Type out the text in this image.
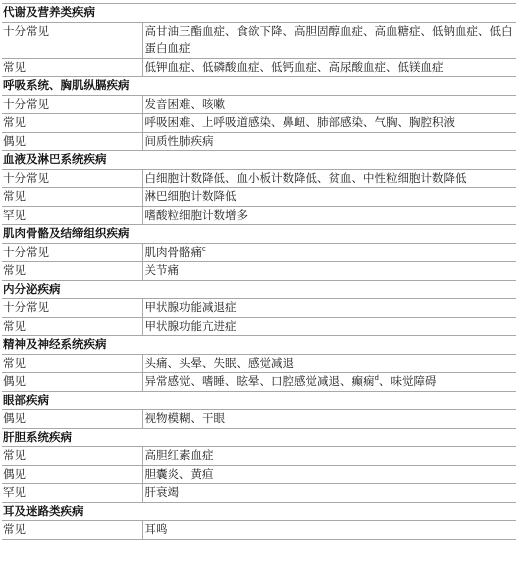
代谢及营养类疾病	
十分常见	高甘油三酯血症、食欲下降、高胆固醇血症、高血糖症、低钠血症、低白蛋白血症
常见	低钾血症、低磷酸血症、低钙血症、高尿酸血症、低镁血症
呼吸系统、胸肌纵膈疾病	
十分常见	发音困难、咳嗽
常见	呼吸困难、上呼吸道感染、鼻衄、肺部感染、气胸、胸腔积液
偶见	间质性肺疾病
血液及淋巴系统疾病	
十分常见	白细胞计数降低、血小板计数降低、贫血、中性粒细胞计数降低
常见	淋巴细胞计数降低
罕见	嗜酸粒细胞计数增多
肌肉骨骼及结缔组织疾病	
十分常见	肌肉骨骼痛$^c$
常见	关节痛
内分泌疾病	
十分常见	甲状腺功能减退症
常见	甲状腺功能亢进症
精神及神经系统疾病	
常见	头痛、头晕、失眠、感觉减退
偶见	异常感觉、嗜睡、眩晕、口腔感觉减退、癫痫$^d$、味觉障碍
眼部疾病	
偶见	视物模糊、干眼
肝胆系统疾病	
常见	高胆红素血症
偶见	胆囊炎、黄疸
罕见	肝衰竭
耳及迷路类疾病	
常见	耳鸣
